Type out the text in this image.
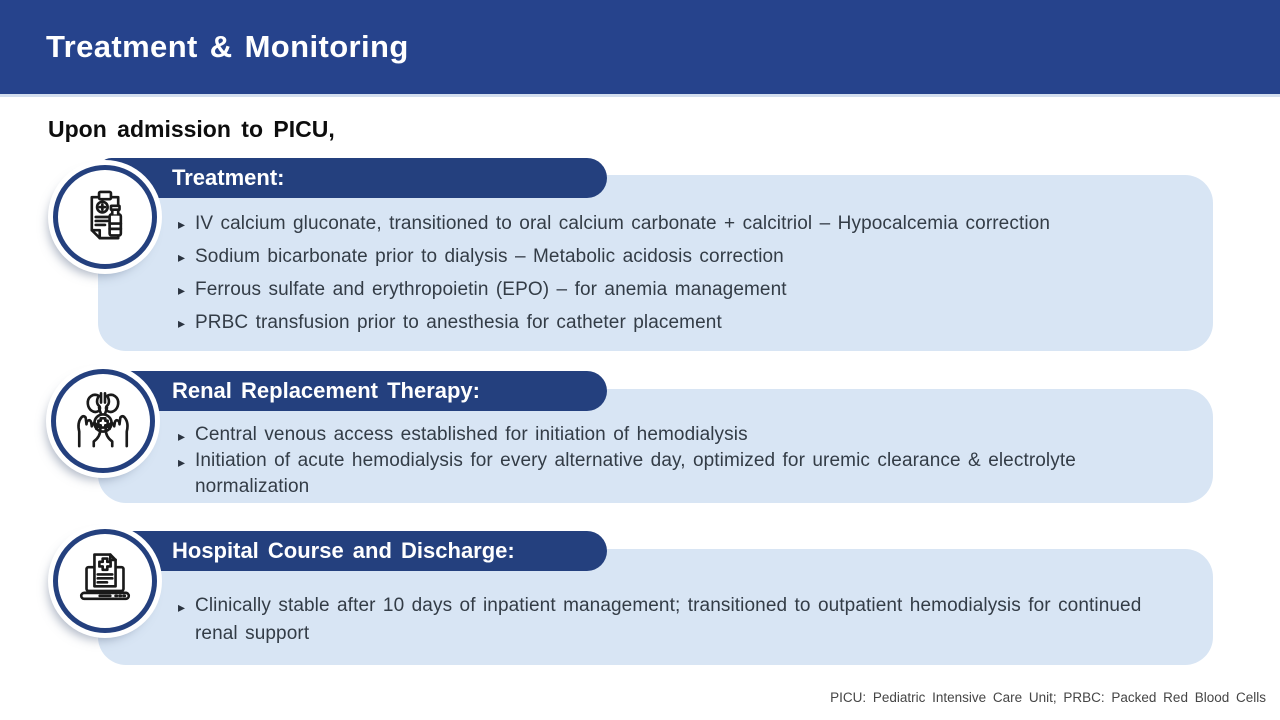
Treatment & Monitoring
Upon admission to PICU,
▸ IV calcium gluconate, transitioned to oral calcium carbonate + calcitriol – Hypocalcemia correction
▸ Sodium bicarbonate prior to dialysis – Metabolic acidosis correction
▸ Ferrous sulfate and erythropoietin (EPO) – for anemia management
▸ PRBC transfusion prior to anesthesia for catheter placement
Treatment:
▸ Central venous access established for initiation of hemodialysis
▸ Initiation of acute hemodialysis for every alternative day, optimized for uremic clearance & electrolyte normalization
Renal Replacement Therapy:
▸ Clinically stable after 10 days of inpatient management; transitioned to outpatient hemodialysis for continued renal support
Hospital Course and Discharge:
PICU: Pediatric Intensive Care Unit; PRBC: Packed Red Blood Cells
